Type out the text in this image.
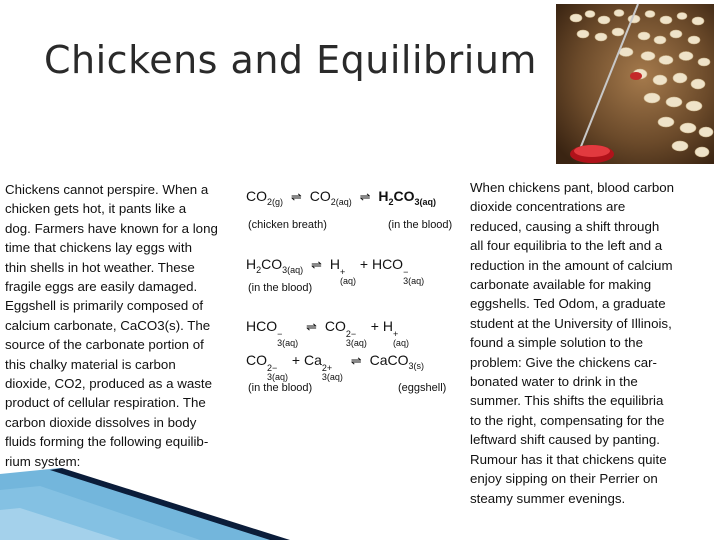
Chickens and Equilibrium
Chickens cannot perspire. When a
chicken gets hot, it pants like a
dog. Farmers have known for a long
time that chickens lay eggs with
thin shells in hot weather. These
fragile eggs are easily damaged.
Eggshell is primarily composed of
calcium carbonate, CaCO3(s). The
source of the carbonate portion of
this chalky material is carbon
dioxide, CO2, produced as a waste
product of cellular respiration. The
carbon dioxide dissolves in body
fluids forming the following equilib-
rium system:
$CO_{2(g)}$ ⇌ $CO_{2(aq)}$ ⇌ $H_2CO_{3(aq)}$
(chicken breath)	(in the blood)
$H_2CO_{3(aq)}$ ⇌ H +
(aq)
+ HCO −
3(aq)
(in the blood)
HCO −
3(aq)
⇌ CO 2−
3(aq)
+ H +
(aq)
CO 2−
3(aq)
+ Ca 2+
3(aq)
⇌ CaCO$_{3(s)}$
(in the blood)	(eggshell)
When chickens pant, blood carbon
dioxide concentrations are
reduced, causing a shift through
all four equilibria to the left and a
reduction in the amount of calcium
carbonate available for making
eggshells. Ted Odom, a graduate
student at the University of Illinois,
found a simple solution to the
problem: Give the chickens car-
bonated water to drink in the
summer. This shifts the equilibria
to the right, compensating for the
leftward shift caused by panting.
Rumour has it that chickens quite
enjoy sipping on their Perrier on
steamy summer evenings.
